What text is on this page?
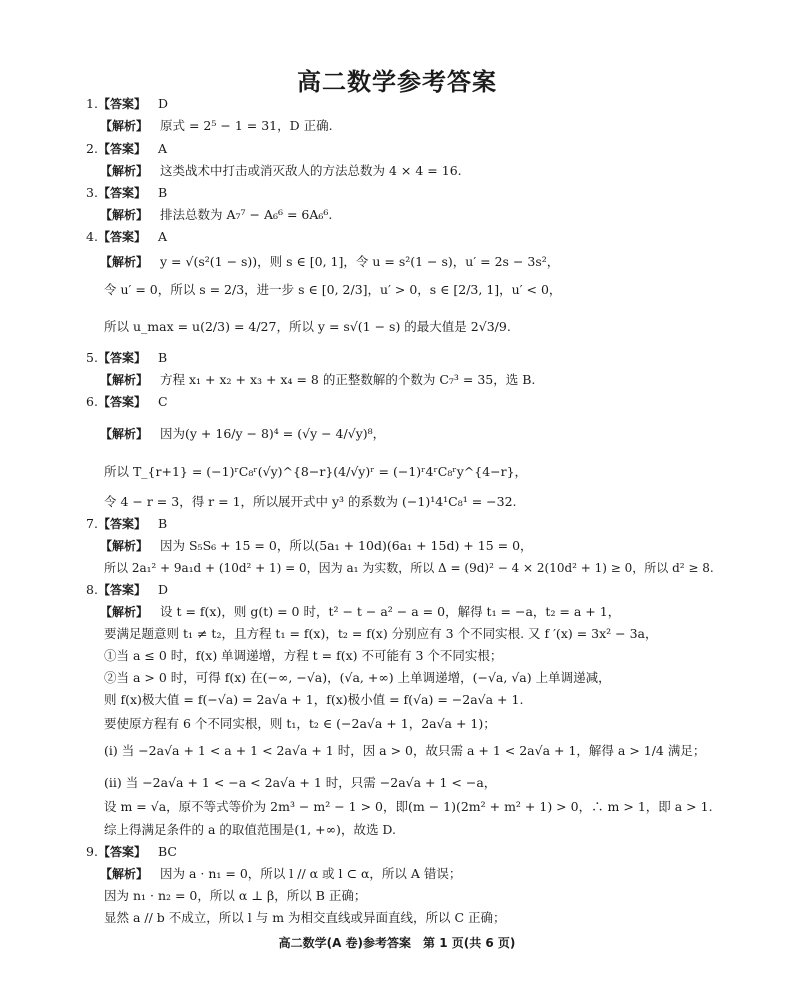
高二数学参考答案
1.【答案】 D
【解析】 原式 = 2⁵ − 1 = 31，D 正确.
2.【答案】 A
【解析】 这类战术中打击或消灭敌人的方法总数为 4 × 4 = 16.
3.【答案】 B
【解析】 排法总数为 A₇⁷ − A₆⁶ = 6A₆⁶.
4.【答案】 A
【解析】 y = √(s²(1 − s))，则 s ∈ [0, 1]，令 u = s²(1 − s)，u′ = 2s − 3s²，
令 u′ = 0，所以 s = 2/3，进一步 s ∈ [0, 2/3]，u′ > 0，s ∈ [2/3, 1]，u′ < 0，
所以 u_max = u(2/3) = 4/27，所以 y = s√(1 − s) 的最大值是 2√3/9.
5.【答案】 B
【解析】 方程 x₁ + x₂ + x₃ + x₄ = 8 的正整数解的个数为 C₇³ = 35，选 B.
6.【答案】 C
【解析】 因为(y + 16/y − 8)⁴ = (√y − 4/√y)⁸，
所以 T_{r+1} = (−1)ʳC₈ʳ(√y)^{8−r}(4/√y)ʳ = (−1)ʳ4ʳC₈ʳy^{4−r}，
令 4 − r = 3，得 r = 1，所以展开式中 y³ 的系数为 (−1)¹4¹C₈¹ = −32.
7.【答案】 B
【解析】 因为 S₅S₆ + 15 = 0，所以(5a₁ + 10d)(6a₁ + 15d) + 15 = 0，
所以 2a₁² + 9a₁d + (10d² + 1) = 0，因为 a₁ 为实数，所以 Δ = (9d)² − 4 × 2(10d² + 1) ≥ 0，所以 d² ≥ 8.
8.【答案】 D
【解析】 设 t = f(x)，则 g(t) = 0 时，t² − t − a² − a = 0，解得 t₁ = −a，t₂ = a + 1，
要满足题意则 t₁ ≠ t₂，且方程 t₁ = f(x)，t₂ = f(x) 分别应有 3 个不同实根. 又 f ′(x) = 3x² − 3a，
①当 a ≤ 0 时，f(x) 单调递增，方程 t = f(x) 不可能有 3 个不同实根；
②当 a > 0 时，可得 f(x) 在(−∞, −√a)，(√a, +∞) 上单调递增，(−√a, √a) 上单调递减，
则 f(x)极大值 = f(−√a) = 2a√a + 1，f(x)极小值 = f(√a) = −2a√a + 1.
要使原方程有 6 个不同实根，则 t₁，t₂ ∈ (−2a√a + 1，2a√a + 1)；
(i) 当 −2a√a + 1 < a + 1 < 2a√a + 1 时，因 a > 0，故只需 a + 1 < 2a√a + 1，解得 a > 1/4 满足；
(ii) 当 −2a√a + 1 < −a < 2a√a + 1 时，只需 −2a√a + 1 < −a，
设 m = √a，原不等式等价为 2m³ − m² − 1 > 0，即(m − 1)(2m² + m² + 1) > 0，∴ m > 1，即 a > 1.
综上得满足条件的 a 的取值范围是(1, +∞)，故选 D.
9.【答案】 BC
【解析】 因为 a · n₁ = 0，所以 l // α 或 l ⊂ α，所以 A 错误；
因为 n₁ · n₂ = 0，所以 α ⊥ β，所以 B 正确；
显然 a // b 不成立，所以 l 与 m 为相交直线或异面直线，所以 C 正确；
高二数学(A 卷)参考答案　第 1 页(共 6 页)
